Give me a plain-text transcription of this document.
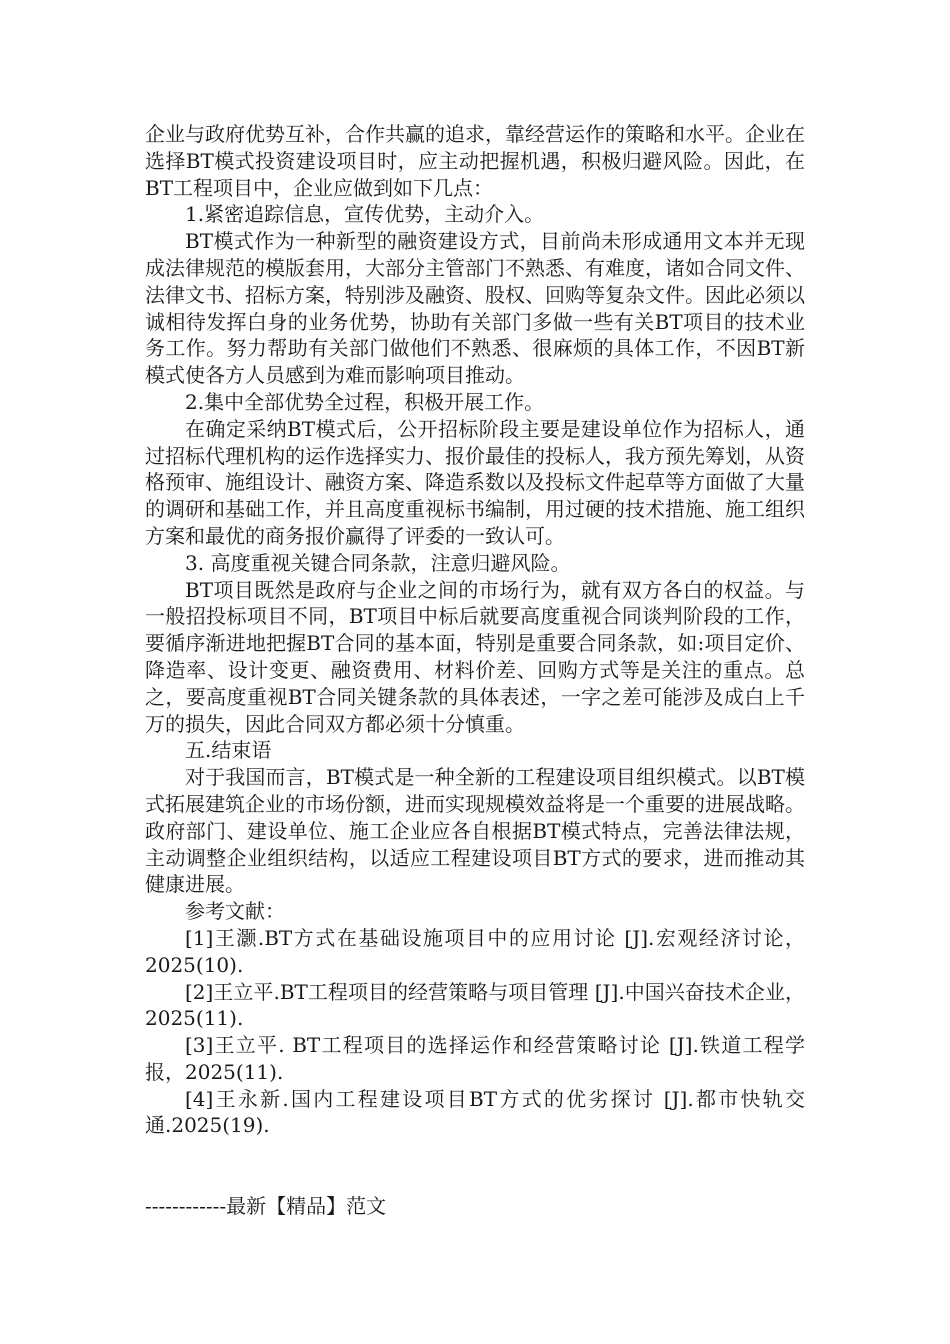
企业与政府优势互补，合作共赢的追求，靠经营运作的策略和水平。企业在选择BT模式投资建设项目时，应主动把握机遇，积极归避风险。因此，在BT工程项目中，企业应做到如下几点：

1.紧密追踪信息，宣传优势，主动介入。

BT模式作为一种新型的融资建设方式，目前尚未形成通用文本并无现成法律规范的模版套用，大部分主管部门不熟悉、有难度，诸如合同文件、法律文书、招标方案，特别涉及融资、股权、回购等复杂文件。因此必须以诚相待发挥白身的业务优势，协助有关部门多做一些有关BT项目的技术业务工作。努力帮助有关部门做他们不熟悉、很麻烦的具体工作，不因BT新模式使各方人员感到为难而影响项目推动。

2.集中全部优势全过程，积极开展工作。

在确定采纳BT模式后，公开招标阶段主要是建设单位作为招标人，通过招标代理机构的运作选择实力、报价最佳的投标人，我方预先筹划，从资格预审、施组设计、融资方案、降造系数以及投标文件起草等方面做了大量的调研和基础工作，并且高度重视标书编制，用过硬的技术措施、施工组织方案和最优的商务报价赢得了评委的一致认可。

3. 高度重视关键合同条款，注意归避风险。

BT项目既然是政府与企业之间的市场行为，就有双方各白的权益。与一般招投标项目不同，BT项目中标后就要高度重视合同谈判阶段的工作，要循序渐进地把握BT合同的基本面，特别是重要合同条款，如:项目定价、降造率、设计变更、融资费用、材料价差、回购方式等是关注的重点。总之，要高度重视BT合同关键条款的具体表述，一字之差可能涉及成白上千万的损失，因此合同双方都必须十分慎重。

五.结束语

对于我国而言，BT模式是一种全新的工程建设项目组织模式。以BT模式拓展建筑企业的市场份额，进而实现规模效益将是一个重要的进展战略。政府部门、建设单位、施工企业应各自根据BT模式特点，完善法律法规，主动调整企业组织结构，以适应工程建设项目BT方式的要求，进而推动其健康进展。

参考文献：

[1]王灏.BT方式在基础设施项目中的应用讨论 [J].宏观经济讨论，2025(10).

[2]王立平.BT工程项目的经营策略与项目管理 [J].中国兴奋技术企业，2025(11).

[3]王立平. BT工程项目的选择运作和经营策略讨论 [J].铁道工程学报，2025(11).

[4]王永新.国内工程建设项目BT方式的优劣探讨 [J].都市快轨交通.2025(19).

------------最新【精品】范文
